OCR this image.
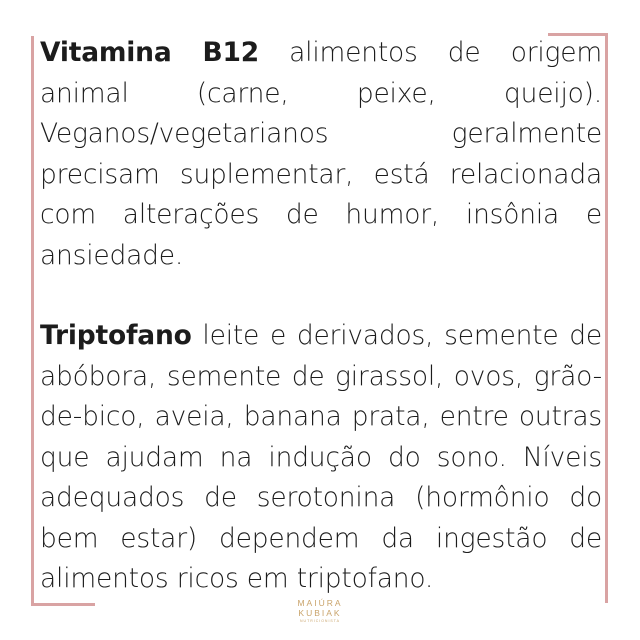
Vitamina B12 alimentos de origem animal (carne, peixe, queijo). Veganos/vegetarianos geralmente precisam suplementar, está relacionada com alterações de humor, insônia e ansiedade.

Triptofano leite e derivados, semente de abóbora, semente de girassol, ovos, grão-de-bico, aveia, banana prata, entre outras que ajudam na indução do sono. Níveis adequados de serotonina (hormônio do bem estar) dependem da ingestão de alimentos ricos em triptofano.

MAIÚRA
KUBIAK
NUTRICIONISTA
